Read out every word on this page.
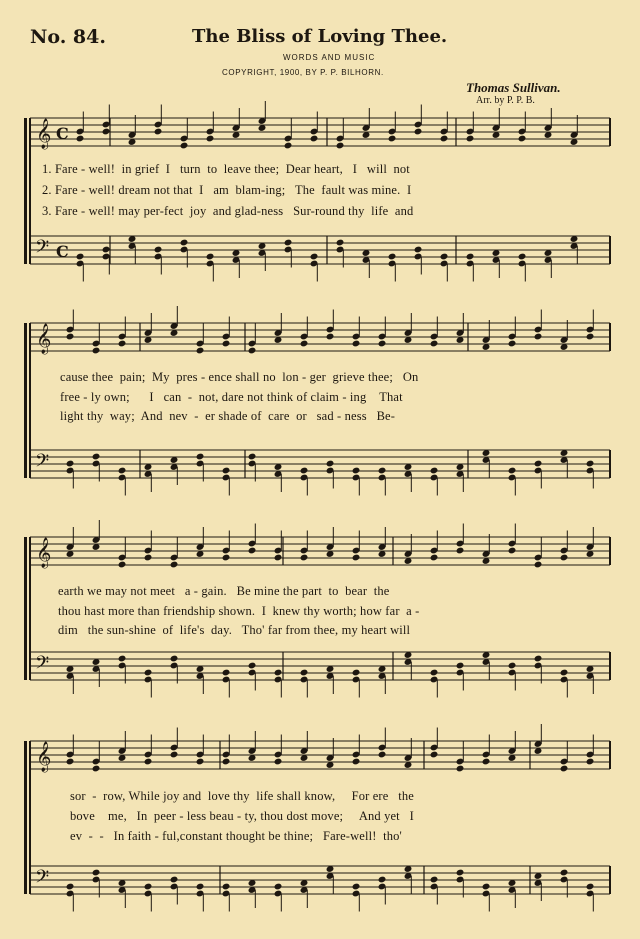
No. 84.	The Bliss of Loving Thee.
WORDS AND MUSIC
COPYRIGHT, 1900, BY P. P. BILHORN.
Thomas Sullivan.
Arr. by P. P. B.
𝄞
𝄢
C
C
𝄞
𝄢
𝄞
𝄢
𝄞
𝄢
1. Fare - well!  in grief  I   turn  to  leave thee;  Dear heart,   I   will  not
2. Fare - well! dream not that  I   am  blam-ing;   The  fault was mine.  I
3. Fare - well! may per-fect  joy  and glad-ness   Sur-round thy  life  and
cause thee  pain;  My  pres - ence shall no  lon - ger  grieve thee;   On
free - ly own;      I   can  -  not, dare not think of claim - ing    That
light thy  way;  And  nev  -  er shade of  care  or   sad - ness   Be-
earth we may not meet   a - gain.   Be mine the part  to  bear  the
thou hast more than friendship shown.  I  knew thy worth; how far  a -
dim   the sun-shine  of  life's  day.   Tho' far from thee, my heart will
sor  -  row, While joy and  love thy  life shall know,     For ere   the
bove    me,   In  peer - less beau - ty, thou dost move;     And yet   I
ev  -  -   In faith - ful,constant thought be thine;   Fare-well!  tho'
